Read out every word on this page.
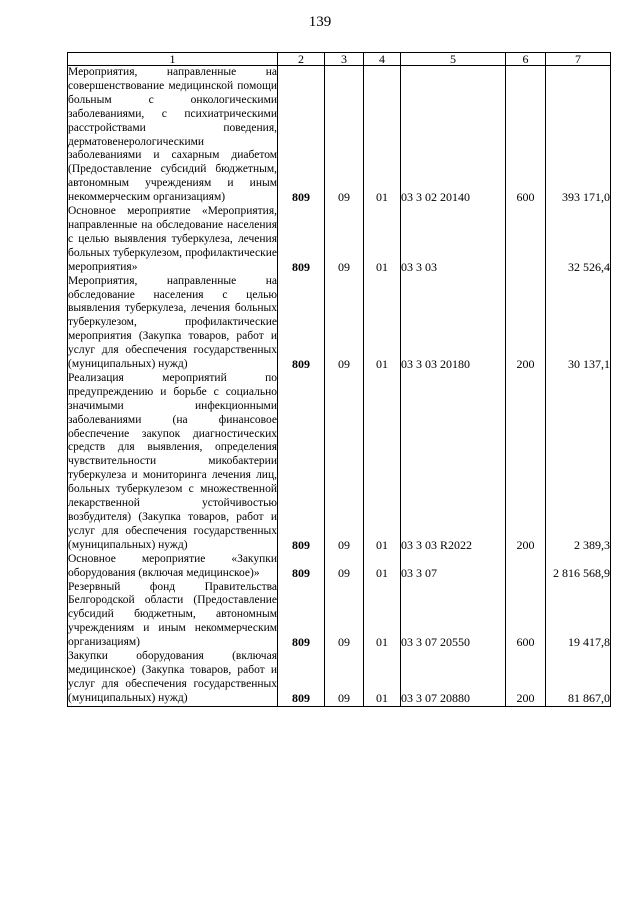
139
1	2	3	4	5	6	7
Мероприятия, направленные на совершенствование медицинской помощи больным с онкологическими заболеваниями, с психиатрическими расстройствами поведения, дерматовенерологическими заболеваниями и сахарным диабетом (Предоставление субсидий бюджетным, автономным учреждениям и иным некоммерческим организациям)	809	09	01	03 3 02 20140	600	393 171,0
Основное мероприятие «Мероприятия, направленные на обследование населения с целью выявления туберкулеза, лечения больных туберкулезом, профилактические мероприятия»	809	09	01	03 3 03		32 526,4
Мероприятия, направленные на обследование населения с целью выявления туберкулеза, лечения больных туберкулезом, профилактические мероприятия (Закупка товаров, работ и услуг для обеспечения государственных (муниципальных) нужд)	809	09	01	03 3 03 20180	200	30 137,1
Реализация мероприятий по предупреждению и борьбе с социально значимыми инфекционными заболеваниями (на финансовое обеспечение закупок диагностических средств для выявления, определения чувствительности микобактерии туберкулеза и мониторинга лечения лиц, больных туберкулезом с множественной лекарственной устойчивостью возбудителя) (Закупка товаров, работ и услуг для обеспечения государственных (муниципальных) нужд)	809	09	01	03 3 03 R2022	200	2 389,3
Основное мероприятие «Закупки оборудования (включая медицинское)»	809	09	01	03 3 07		2 816 568,9
Резервный фонд Правительства Белгородской области (Предоставление субсидий бюджетным, автономным учреждениям и иным некоммерческим организациям)	809	09	01	03 3 07 20550	600	19 417,8
Закупки оборудования (включая медицинское) (Закупка товаров, работ и услуг для обеспечения государственных (муниципальных) нужд)	809	09	01	03 3 07 20880	200	81 867,0
